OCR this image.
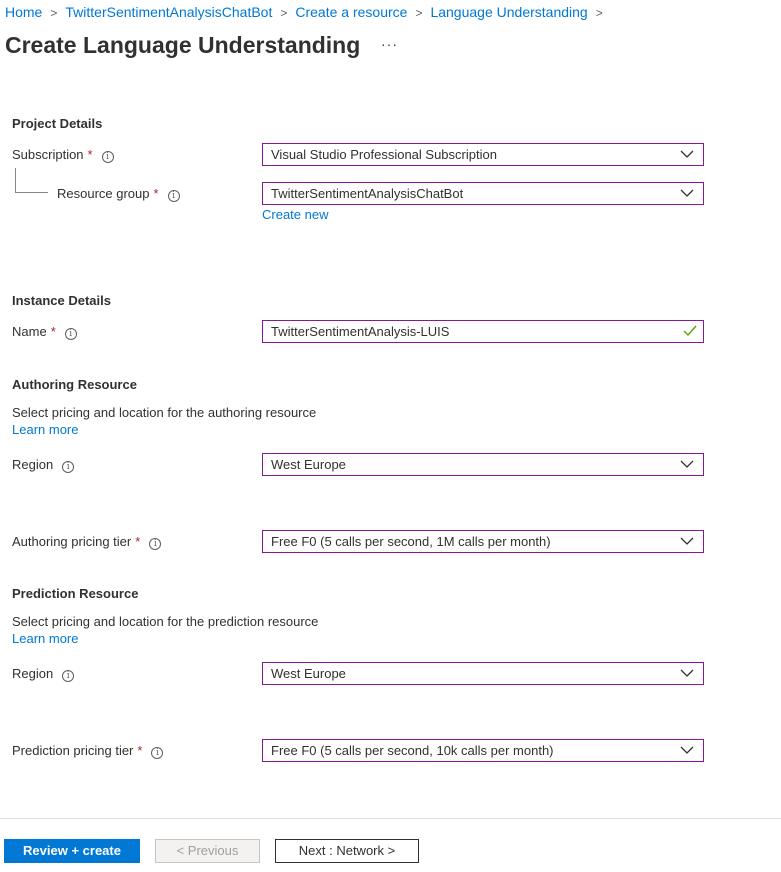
Home > TwitterSentimentAnalysisChatBot > Create a resource > Language Understanding >
Create Language Understanding ···
Project Details
Subscription * i	Visual Studio Professional Subscription
Resource group * i	TwitterSentimentAnalysisChatBot
Create new
Instance Details
Name * i	TwitterSentimentAnalysis-LUIS
Authoring Resource
Select pricing and location for the authoring resource
Learn more
Region i	West Europe
Authoring pricing tier * i	Free F0 (5 calls per second, 1M calls per month)
Prediction Resource
Select pricing and location for the prediction resource
Learn more
Region i	West Europe
Prediction pricing tier * i	Free F0 (5 calls per second, 10k calls per month)
Review + create	< Previous	Next : Network >
